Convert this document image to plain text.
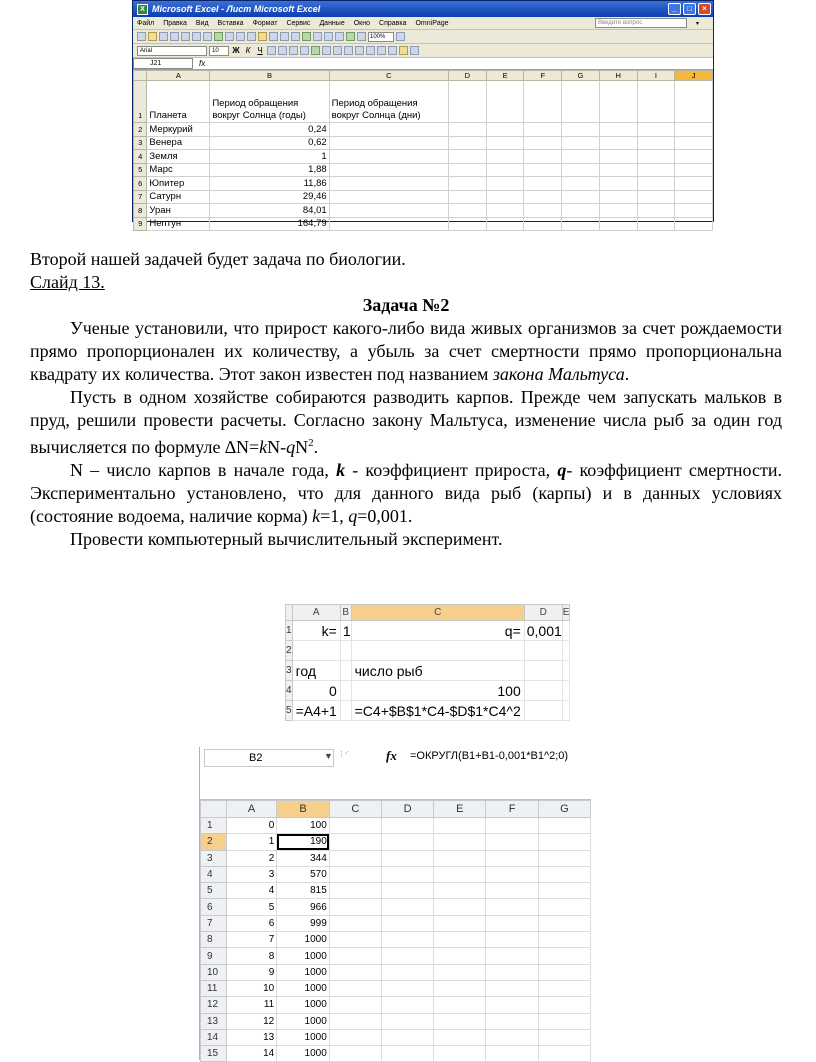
X Microsoft Excel - Лист Microsoft Excel	_	□	×
Файл Правка Вид Вставка Формат Сервис Данные Окно Справка OmniPage	Введите вопрос	▾
100%
Arial	10	Ж К Ч
J21	fx
	A	B	C	D	E	F	G	H	I	J
1	Планета	Период обращения вокруг Солнца (годы)	Период обращения вокруг Солнца (дни)							
2	Меркурий	0,24								
3	Венера	0,62								
4	Земля	1								
5	Марс	1,88								
6	Юпитер	11,86								
7	Сатурн	29,46								
8	Уран	84,01								
9	Нептун	164,79								
Второй нашей задачей будет задача по биологии.
Слайд 13.
Задача №2
Ученые установили, что прирост какого-либо вида живых организмов за счет рождаемости прямо пропорционален их количеству, а убыль за счет смертности прямо пропорциональна квадрату их количества. Этот закон известен под названием закона Мальтуса.
Пусть в одном хозяйстве собираются разводить карпов. Прежде чем запускать мальков в пруд, решили провести расчеты. Согласно закону Мальтуса, изменение числа рыб за один год вычисляется по формуле $\Delta N=kN-qN^2$.
N – число карпов в начале года, k - коэффициент прироста, q- коэффициент смертности. Экспериментально установлено, что для данного вида рыб (карпы) и в данных условиях (состояние водоема, наличие корма) k=1, q=0,001.
Провести компьютерный вычислительный эксперимент.
	A	B	C	D	E
1	k=	1	q=	0,001	
2					
3	год		число рыб		
4	0		100		
5	=A4+1		=C4+$B$1*C4-$D$1*C4^2		
B2	▼ ⁝ ◜	fx =ОКРУГЛ(B1+B1-0,001*B1^2;0)
	A	B	C	D	E	F	G
1	0	100					
2	1	190					
3	2	344					
4	3	570					
5	4	815					
6	5	966					
7	6	999					
8	7	1000					
9	8	1000					
10	9	1000					
11	10	1000					
12	11	1000					
13	12	1000					
14	13	1000					
15	14	1000					
